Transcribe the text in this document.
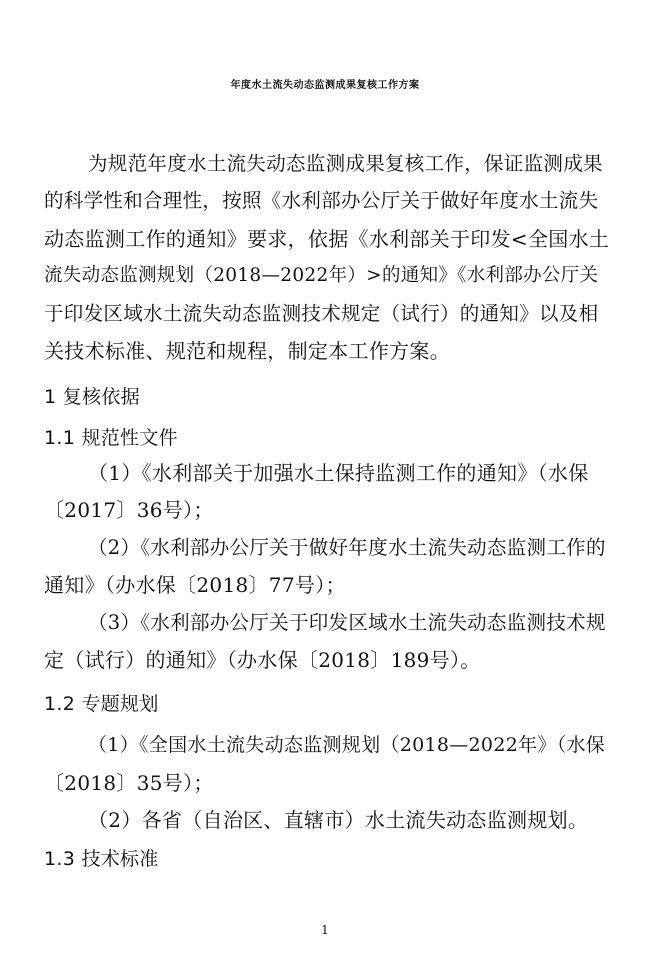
年度水土流失动态监测成果复核工作方案
为规范年度水土流失动态监测成果复核工作，保证监测成果
的科学性和合理性，按照《水利部办公厅关于做好年度水土流失
动态监测工作的通知》要求，依据《水利部关于印发<全国水土
流失动态监测规划（2018—2022年）>的通知》《水利部办公厅关
于印发区域水土流失动态监测技术规定（试行）的通知》以及相
关技术标准、规范和规程，制定本工作方案。
1 复核依据
1.1 规范性文件
（1）《水利部关于加强水土保持监测工作的通知》（水保
〔2017〕36号）；
（2）《水利部办公厅关于做好年度水土流失动态监测工作的
通知》（办水保〔2018〕77号）；
（3）《水利部办公厅关于印发区域水土流失动态监测技术规
定（试行）的通知》（办水保〔2018〕189号）。
1.2 专题规划
（1）《全国水土流失动态监测规划（2018—2022年》（水保
〔2018〕35号）；
（2）各省（自治区、直辖市）水土流失动态监测规划。
1.3 技术标准
1
